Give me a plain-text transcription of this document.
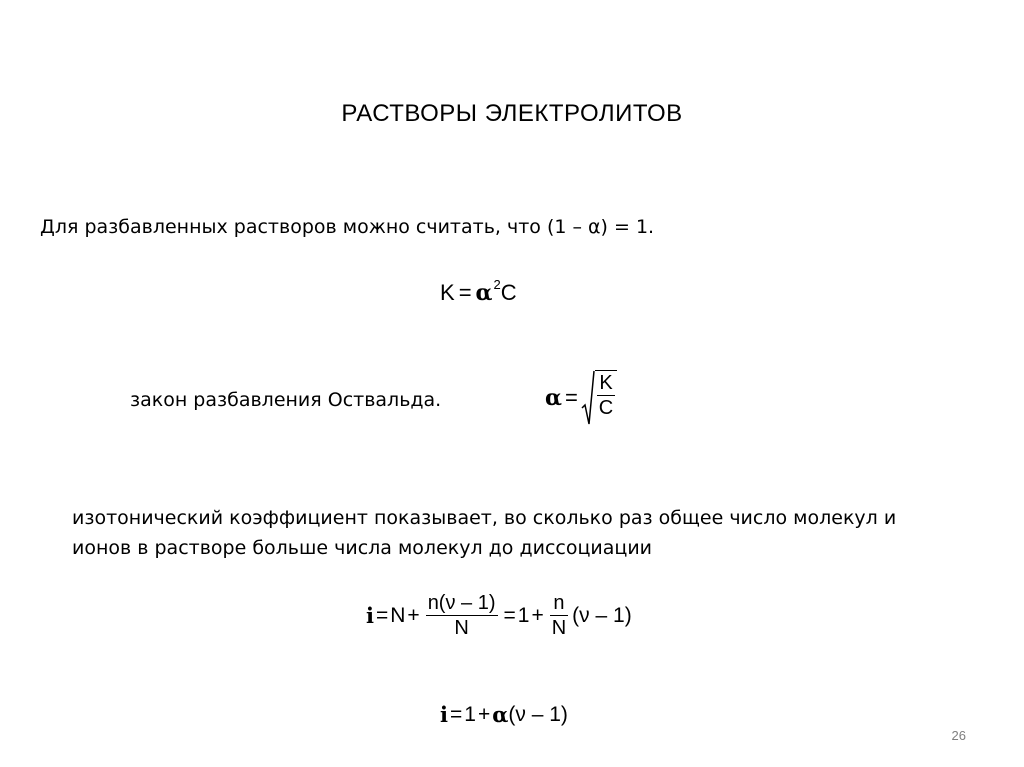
РАСТВОРЫ ЭЛЕКТРОЛИТОВ
Для разбавленных растворов можно считать, что (1 – α) = 1.
K = α 2 C
закон разбавления Оствальда.	$\alpha = \frac{K}{C}$
изотонический коэффициент показывает, во сколько раз общее число молекул и
ионов в растворе больше числа молекул до диссоциации
$i = N + \frac{n(\nu - 1)}{N} = 1 + \frac{n}{N} (\nu - 1)$
i = 1 + α (ν – 1)
26
